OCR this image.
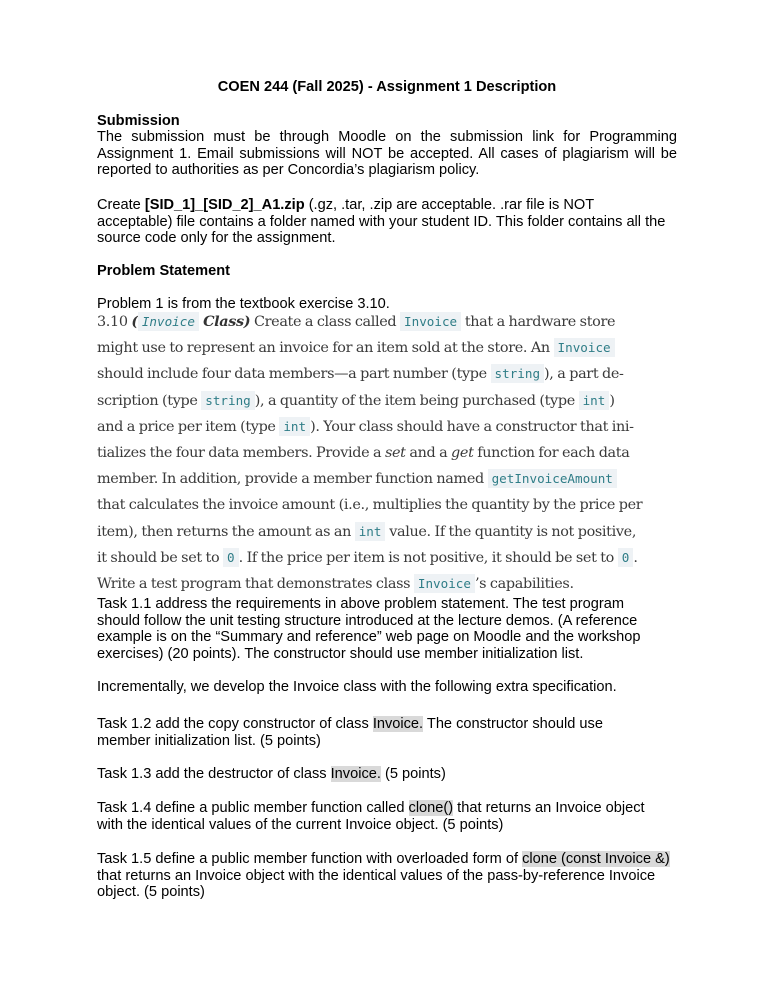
COEN 244 (Fall 2025) - Assignment 1 Description
Submission
The submission must be through Moodle on the submission link for Programming Assignment 1. Email submissions will NOT be accepted. All cases of plagiarism will be reported to authorities as per Concordia’s plagiarism policy.
Create [SID_1]_[SID_2]_A1.zip (.gz, .tar, .zip are acceptable. .rar file is NOT acceptable) file contains a folder named with your student ID. This folder contains all the source code only for the assignment.
Problem Statement
Problem 1 is from the textbook exercise 3.10.
3.10 ( Invoice Class) Create a class called Invoice that a hardware store
might use to represent an invoice for an item sold at the store. An Invoice
should include four data members—a part number (type string ), a part de-
scription (type string ), a quantity of the item being purchased (type int )
and a price per item (type int ). Your class should have a constructor that ini-
tializes the four data members. Provide a set and a get function for each data
member. In addition, provide a member function named getInvoiceAmount
that calculates the invoice amount (i.e., multiplies the quantity by the price per
item), then returns the amount as an int value. If the quantity is not positive,
it should be set to 0 . If the price per item is not positive, it should be set to 0 .
Write a test program that demonstrates class Invoice ’s capabilities.
Task 1.1 address the requirements in above problem statement. The test program should follow the unit testing structure introduced at the lecture demos. (A reference example is on the “Summary and reference” web page on Moodle and the workshop exercises) (20 points). The constructor should use member initialization list.
Incrementally, we develop the Invoice class with the following extra specification.
Task 1.2 add the copy constructor of class Invoice. The constructor should use member initialization list. (5 points)
Task 1.3 add the destructor of class Invoice. (5 points)
Task 1.4 define a public member function called clone() that returns an Invoice object with the identical values of the current Invoice object. (5 points)
Task 1.5 define a public member function with overloaded form of clone (const Invoice &) that returns an Invoice object with the identical values of the pass-by-reference Invoice object. (5 points)
